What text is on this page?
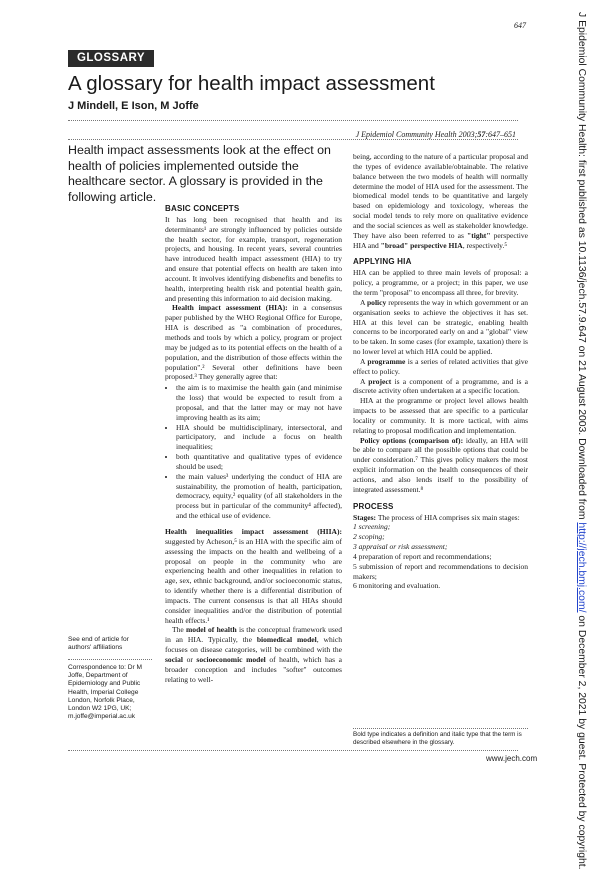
647
GLOSSARY
A glossary for health impact assessment
J Mindell, E Ison, M Joffe
J Epidemiol Community Health 2003;57:647–651
Health impact assessments look at the effect on health of policies implemented outside the healthcare sector. A glossary is provided in the following article.
See end of article for authors' affiliations
Correspondence to: Dr M Joffe, Department of Epidemiology and Public Health, Imperial College London, Norfolk Place, London W2 1PG, UK; m.joffe@imperial.ac.uk
BASIC CONCEPTS

It has long been recognised that health and its determinants¹ are strongly influenced by policies outside the health sector, for example, transport, regeneration projects, and housing. In recent years, several countries have introduced health impact assessment (HIA) to try and ensure that potential effects on health are taken into account. It involves identifying disbenefits and benefits to health, interpreting health risk and potential health gain, and presenting this information to aid decision making.

Health impact assessment (HIA): in a consensus paper published by the WHO Regional Office for Europe, HIA is described as "a combination of procedures, methods and tools by which a policy, program or project may be judged as to its potential effects on the health of a population, and the distribution of those effects within the population".² Several other definitions have been proposed.³ They generally agree that:

• the aim is to maximise the health gain (and minimise the loss) that would be expected to result from a proposal, and that the latter may or may not have improving health as its aim;
• HIA should be multidisciplinary, intersectoral, and participatory, and include a focus on health inequalities;
• both quantitative and qualitative types of evidence should be used;
• the main values³ underlying the conduct of HIA are sustainability, the promotion of health, participation, democracy, equity,² equality (of all stakeholders in the process but in particular of the community⁴ affected), and the ethical use of evidence.

Health inequalities impact assessment (HIIA): suggested by Acheson,⁵ is an HIA with the specific aim of assessing the impacts on the health and wellbeing of a proposal on people in the community who are experiencing health and other inequalities in relation to age, sex, ethnic background, and/or socioeconomic status, to identify whether there is a differential distribution of impacts. The current consensus is that all HIAs should consider inequalities and/or the distribution of potential health effects.¹

The model of health is the conceptual framework used in an HIA. Typically, the biomedical model, which focuses on disease categories, will be combined with the social or socioeconomic model of health, which has a broader conception and includes "softer" outcomes relating to well-

being, according to the nature of a particular proposal and the types of evidence available/obtainable. The relative balance between the two models of health will normally determine the model of HIA used for the assessment. The biomedical model tends to be quantitative and largely based on epidemiology and toxicology, whereas the social model tends to rely more on qualitative evidence and the social sciences as well as stakeholder knowledge. They have also been referred to as "tight" perspective HIA and "broad" perspective HIA, respectively.⁵

APPLYING HIA

HIA can be applied to three main levels of proposal: a policy, a programme, or a project; in this paper, we use the term "proposal" to encompass all three, for brevity.

A policy represents the way in which government or an organisation seeks to achieve the objectives it has set. HIA at this level can be strategic, enabling health concerns to be incorporated early on and a "global" view to be taken. In some cases (for example, taxation) there is no lower level at which HIA could be applied.

A programme is a series of related activities that give effect to policy.

A project is a component of a programme, and is a discrete activity often undertaken at a specific location.

HIA at the programme or project level allows health impacts to be assessed that are specific to a particular locality or community. It is more tactical, with aims relating to proposal modification and implementation.

Policy options (comparison of): ideally, an HIA will be able to compare all the possible options that could be under consideration.⁷ This gives policy makers the most explicit information on the health consequences of their actions, and also lends itself to the possibility of integrated assessment.⁸

PROCESS

Stages: The process of HIA comprises six main stages:

1 screening;

2 scoping;

3 appraisal or risk assessment;

4 preparation of report and recommendations;

5 submission of report and recommendations to decision makers;

6 monitoring and evaluation.

Bold type indicates a definition and italic type that the term is described elsewhere in the glossary.
www.jech.com
J Epidemiol Community Health: first published as 10.1136/jech.57.9.647 on 21 August 2003. Downloaded from http://jech.bmj.com/ on December 2, 2021 by guest. Protected by copyright.
